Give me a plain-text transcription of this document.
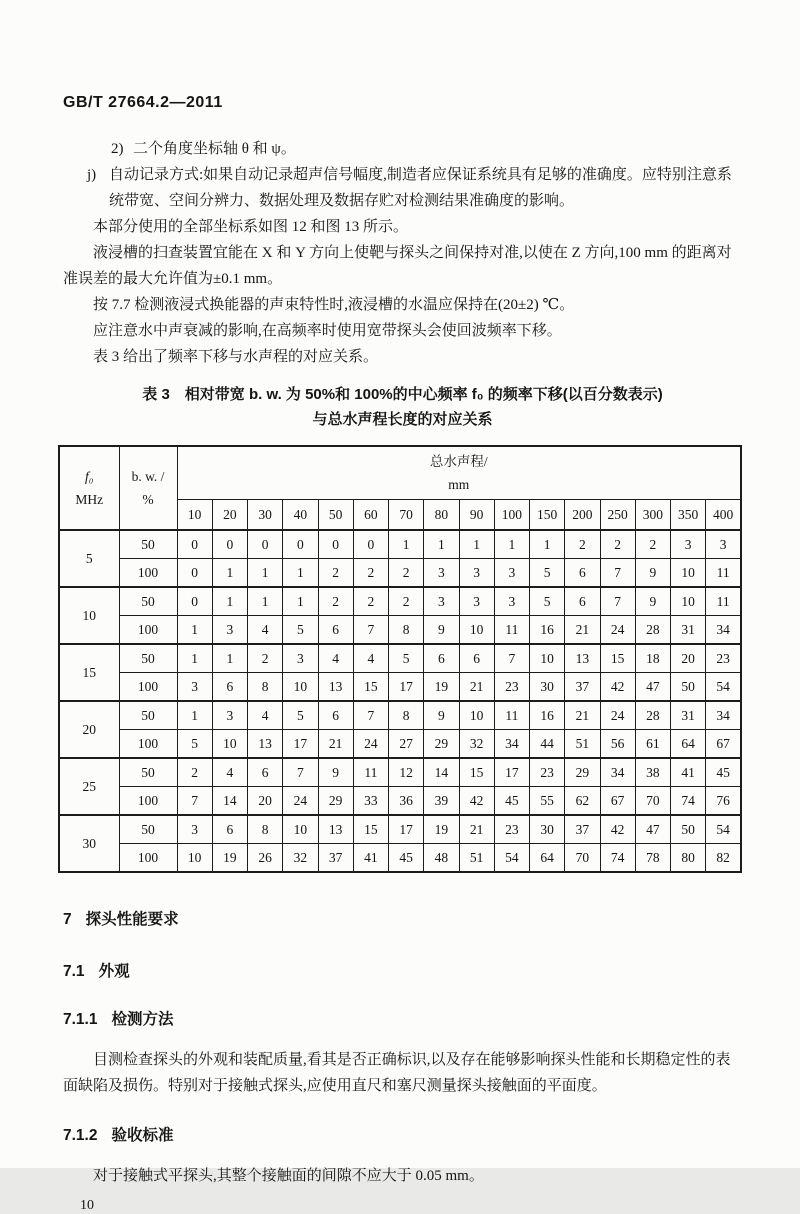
GB/T 27664.2—2011
2) 二个角度坐标轴 θ 和 ψ。
j) 自动记录方式:如果自动记录超声信号幅度,制造者应保证系统具有足够的准确度。应特别注意系统带宽、空间分辨力、数据处理及数据存贮对检测结果准确度的影响。

本部分使用的全部坐标系如图 12 和图 13 所示。

液浸槽的扫查装置宜能在 X 和 Y 方向上使靶与探头之间保持对准,以使在 Z 方向,100 mm 的距离对准误差的最大允许值为±0.1 mm。

按 7.7 检测液浸式换能器的声束特性时,液浸槽的水温应保持在(20±2) ℃。

应注意水中声衰减的影响,在高频率时使用宽带探头会使回波频率下移。

表 3 给出了频率下移与水声程的对应关系。

表 3　相对带宽 b. w. 为 50%和 100%的中心频率 f₀ 的频率下移(以百分数表示)
与总水声程长度的对应关系
f₀
MHz

b. w. /
%

总水声程/
mm

		10	20	30	40	50	60	70	80	90	100	150	200	250	300	350	400
5	50	0	0	0	0	0	0	1	1	1	1	1	2	2	2	3	3
	100	0	1	1	1	2	2	2	3	3	3	5	6	7	9	10	11
10	50	0	1	1	1	2	2	2	3	3	3	5	6	7	9	10	11
	100	1	3	4	5	6	7	8	9	10	11	16	21	24	28	31	34
15	50	1	1	2	3	4	4	5	6	6	7	10	13	15	18	20	23
	100	3	6	8	10	13	15	17	19	21	23	30	37	42	47	50	54
20	50	1	3	4	5	6	7	8	9	10	11	16	21	24	28	31	34
	100	5	10	13	17	21	24	27	29	32	34	44	51	56	61	64	67
25	50	2	4	6	7	9	11	12	14	15	17	23	29	34	38	41	45
	100	7	14	20	24	29	33	36	39	42	45	55	62	67	70	74	76
30	50	3	6	8	10	13	15	17	19	21	23	30	37	42	47	50	54
	100	10	19	26	32	37	41	45	48	51	54	64	70	74	78	80	82
7 探头性能要求
7.1 外观
7.1.1 检测方法

目测检查探头的外观和装配质量,看其是否正确标识,以及存在能够影响探头性能和长期稳定性的表面缺陷及损伤。特别对于接触式探头,应使用直尺和塞尺测量探头接触面的平面度。

7.1.2 验收标准

对于接触式平探头,其整个接触面的间隙不应大于 0.05 mm。

10
